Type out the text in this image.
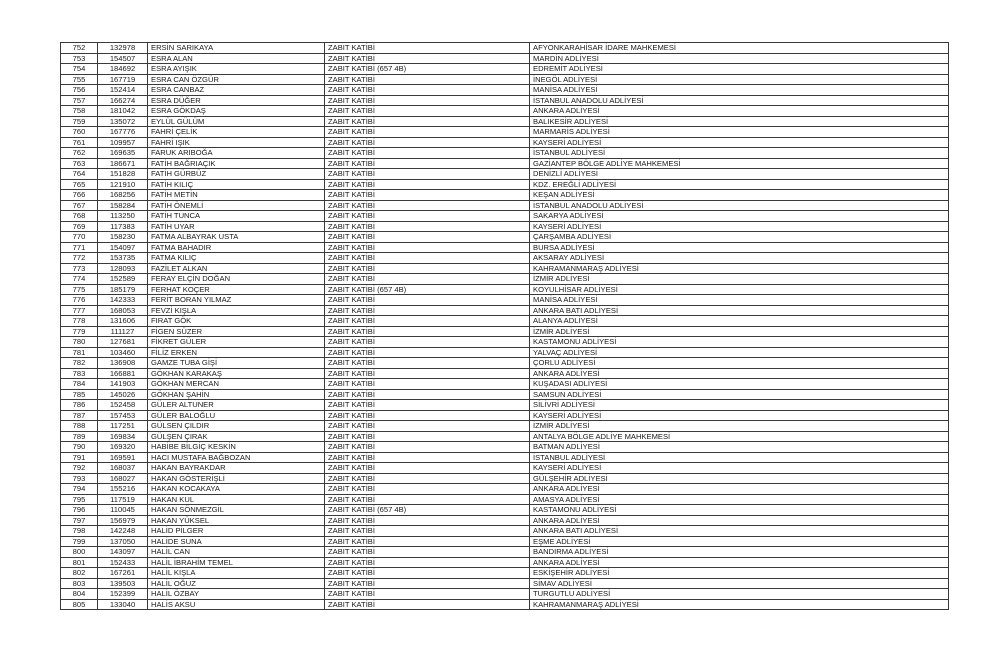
752	132978	ERSİN SARIKAYA	ZABIT KATİBİ	AFYONKARAHİSAR İDARE MAHKEMESİ
753	154507	ESRA ALAN	ZABIT KATİBİ	MARDİN ADLİYESİ
754	184692	ESRA AYIŞIK	ZABIT KATİBİ (657 4B)	EDREMİT ADLİYESİ
755	167719	ESRA CAN ÖZGÜR	ZABIT KATİBİ	İNEGÖL ADLİYESİ
756	152414	ESRA CANBAZ	ZABIT KATİBİ	MANİSA ADLİYESİ
757	166274	ESRA DÜĞER	ZABIT KATİBİ	İSTANBUL ANADOLU ADLİYESİ
758	181042	ESRA GÖKDAŞ	ZABIT KATİBİ	ANKARA ADLİYESİ
759	135072	EYLÜL GÜLÜM	ZABIT KATİBİ	BALIKESİR ADLİYESİ
760	167776	FAHRİ ÇELİK	ZABIT KATİBİ	MARMARİS ADLİYESİ
761	109957	FAHRİ IŞIK	ZABIT KATİBİ	KAYSERİ ADLİYESİ
762	169635	FARUK ARIBOĞA	ZABIT KATİBİ	İSTANBUL ADLİYESİ
763	186671	FATİH BAĞRIAÇIK	ZABIT KATİBİ	GAZİANTEP BÖLGE ADLİYE MAHKEMESİ
764	151828	FATİH GÜRBÜZ	ZABIT KATİBİ	DENİZLİ ADLİYESİ
765	121910	FATİH KILIÇ	ZABIT KATİBİ	KDZ. EREĞLİ ADLİYESİ
766	168256	FATİH METİN	ZABIT KATİBİ	KEŞAN ADLİYESİ
767	158284	FATİH ÖNEMLİ	ZABIT KATİBİ	İSTANBUL ANADOLU ADLİYESİ
768	113250	FATİH TUNCA	ZABIT KATİBİ	SAKARYA ADLİYESİ
769	117383	FATİH UYAR	ZABIT KATİBİ	KAYSERİ ADLİYESİ
770	158230	FATMA ALBAYRAK USTA	ZABIT KATİBİ	ÇARŞAMBA ADLİYESİ
771	154097	FATMA BAHADIR	ZABIT KATİBİ	BURSA ADLİYESİ
772	153735	FATMA KILIÇ	ZABIT KATİBİ	AKSARAY ADLİYESİ
773	128093	FAZİLET ALKAN	ZABIT KATİBİ	KAHRAMANMARAŞ ADLİYESİ
774	152589	FERAY ELÇİN DOĞAN	ZABIT KATİBİ	İZMİR ADLİYESİ
775	185179	FERHAT KOÇER	ZABIT KATİBİ (657 4B)	KOYULHİSAR ADLİYESİ
776	142333	FERİT BORAN YILMAZ	ZABIT KATİBİ	MANİSA ADLİYESİ
777	168053	FEVZİ KIŞLA	ZABIT KATİBİ	ANKARA BATI ADLİYESİ
778	131606	FIRAT GÖK	ZABIT KATİBİ	ALANYA ADLİYESİ
779	111127	FİGEN SÜZER	ZABIT KATİBİ	İZMİR ADLİYESİ
780	127681	FİKRET GÜLER	ZABIT KATİBİ	KASTAMONU ADLİYESİ
781	103460	FİLİZ ERKEN	ZABIT KATİBİ	YALVAÇ ADLİYESİ
782	136908	GAMZE TUBA GİŞİ	ZABIT KATİBİ	ÇORLU ADLİYESİ
783	166881	GÖKHAN KARAKAŞ	ZABIT KATİBİ	ANKARA ADLİYESİ
784	141903	GÖKHAN MERCAN	ZABIT KATİBİ	KUŞADASI ADLİYESİ
785	145026	GÖKHAN ŞAHİN	ZABIT KATİBİ	SAMSUN ADLİYESİ
786	152458	GÜLER ALTUNER	ZABIT KATİBİ	SİLİVRİ ADLİYESİ
787	157453	GÜLER BALOĞLU	ZABIT KATİBİ	KAYSERİ ADLİYESİ
788	117251	GÜLSEN ÇILDIR	ZABIT KATİBİ	İZMİR ADLİYESİ
789	169834	GÜLŞEN ÇIRAK	ZABIT KATİBİ	ANTALYA BÖLGE ADLİYE MAHKEMESİ
790	169320	HABİBE BİLGİÇ KESKİN	ZABIT KATİBİ	BATMAN ADLİYESİ
791	169591	HACI MUSTAFA BAĞBOZAN	ZABIT KATİBİ	İSTANBUL ADLİYESİ
792	168037	HAKAN BAYRAKDAR	ZABIT KATİBİ	KAYSERİ ADLİYESİ
793	168027	HAKAN GÖSTERİŞLİ	ZABIT KATİBİ	GÜLŞEHİR ADLİYESİ
794	155216	HAKAN KOCAKAYA	ZABIT KATİBİ	ANKARA ADLİYESİ
795	117519	HAKAN KUL	ZABIT KATİBİ	AMASYA ADLİYESİ
796	110045	HAKAN SÖNMEZGİL	ZABIT KATİBİ (657 4B)	KASTAMONU ADLİYESİ
797	156979	HAKAN YÜKSEL	ZABIT KATİBİ	ANKARA ADLİYESİ
798	142248	HALİD PİLGER	ZABIT KATİBİ	ANKARA BATI ADLİYESİ
799	137050	HALİDE SUNA	ZABIT KATİBİ	EŞME ADLİYESİ
800	143097	HALİL CAN	ZABIT KATİBİ	BANDIRMA ADLİYESİ
801	152433	HALİL İBRAHİM TEMEL	ZABIT KATİBİ	ANKARA ADLİYESİ
802	167261	HALİL KIŞLA	ZABIT KATİBİ	ESKİŞEHİR ADLİYESİ
803	139503	HALİL OĞUZ	ZABIT KATİBİ	SİMAV ADLİYESİ
804	152399	HALİL ÖZBAY	ZABIT KATİBİ	TURGUTLU ADLİYESİ
805	133040	HALİS AKSU	ZABIT KATİBİ	KAHRAMANMARAŞ ADLİYESİ
